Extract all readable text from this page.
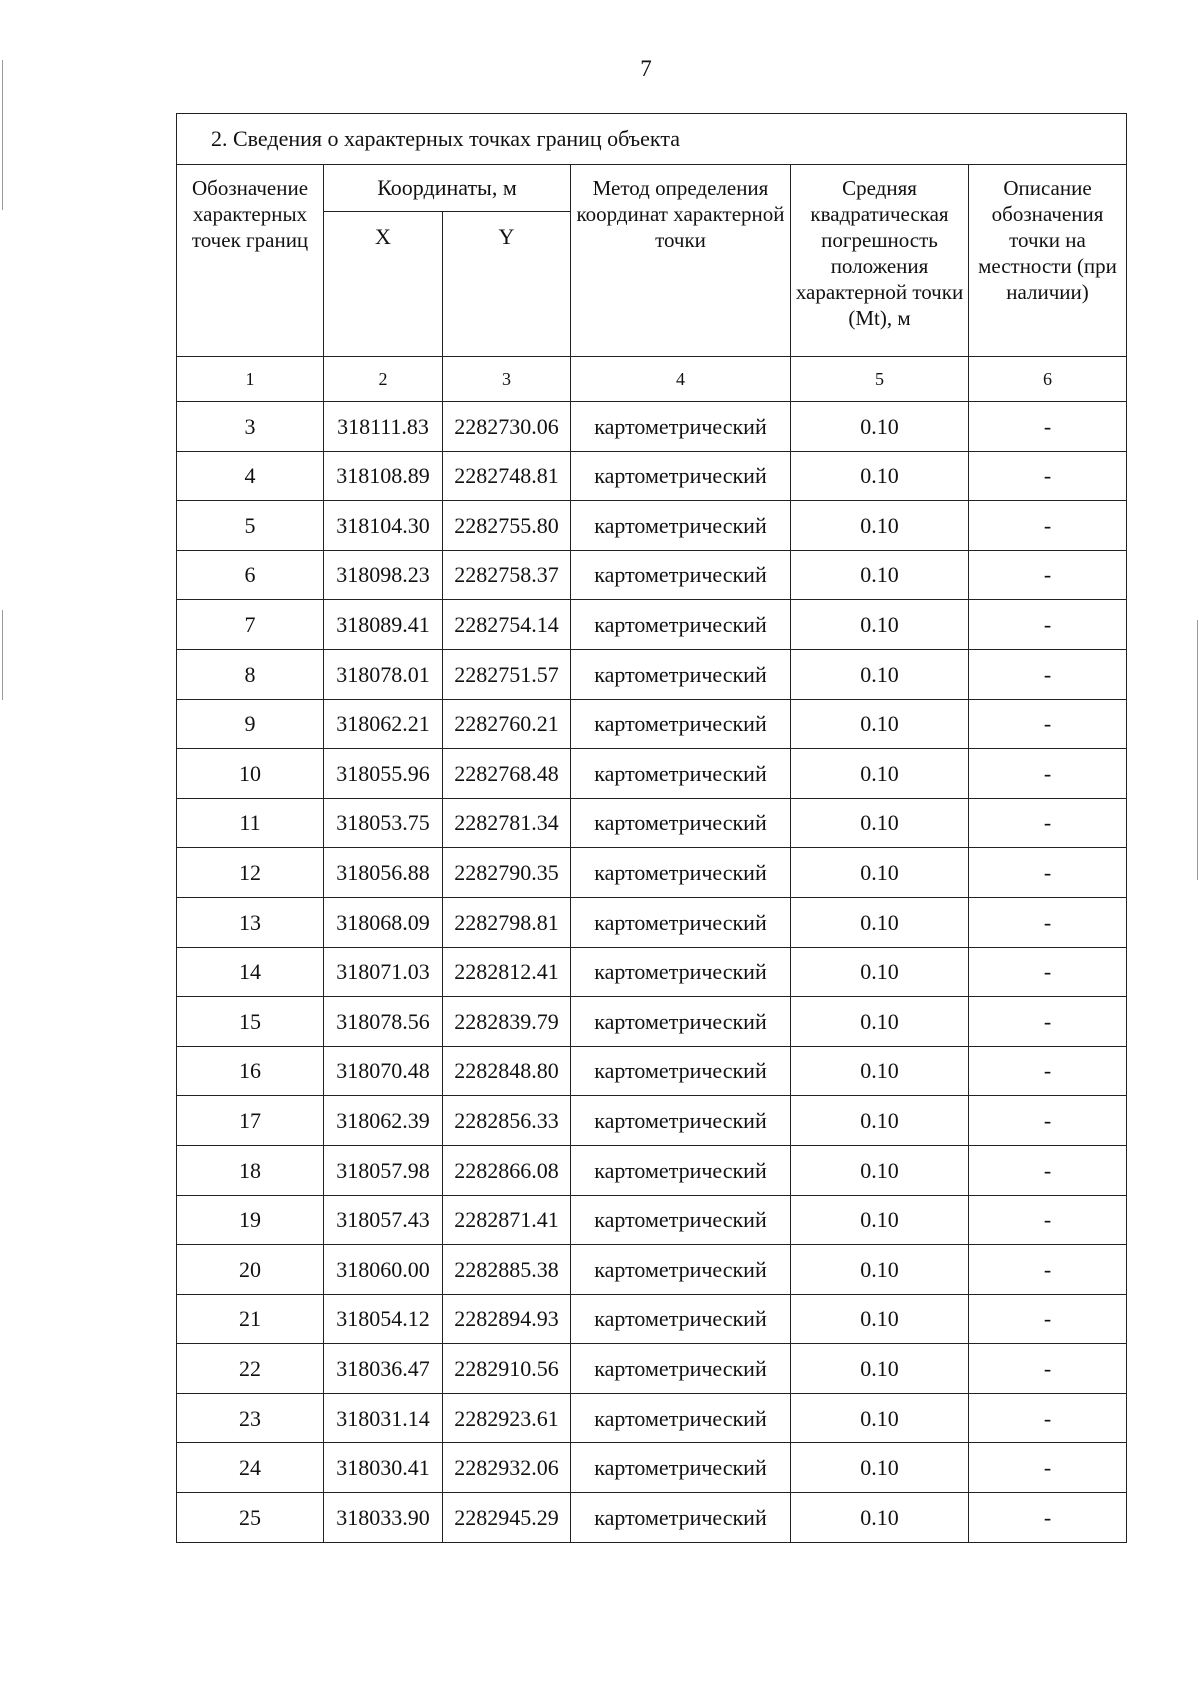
7
2. Сведения о характерных точках границ объекта					
Обозначение характерных точек границ	Координаты, м		Метод определения координат характерной точки	Средняя квадратическая погрешность положения характерной точки (Mt), м	Описание обозначения точки на местности (при наличии)
	X	Y			
1	2	3	4	5	6
3	318111.83	2282730.06	картометрический	0.10	-
4	318108.89	2282748.81	картометрический	0.10	-
5	318104.30	2282755.80	картометрический	0.10	-
6	318098.23	2282758.37	картометрический	0.10	-
7	318089.41	2282754.14	картометрический	0.10	-
8	318078.01	2282751.57	картометрический	0.10	-
9	318062.21	2282760.21	картометрический	0.10	-
10	318055.96	2282768.48	картометрический	0.10	-
11	318053.75	2282781.34	картометрический	0.10	-
12	318056.88	2282790.35	картометрический	0.10	-
13	318068.09	2282798.81	картометрический	0.10	-
14	318071.03	2282812.41	картометрический	0.10	-
15	318078.56	2282839.79	картометрический	0.10	-
16	318070.48	2282848.80	картометрический	0.10	-
17	318062.39	2282856.33	картометрический	0.10	-
18	318057.98	2282866.08	картометрический	0.10	-
19	318057.43	2282871.41	картометрический	0.10	-
20	318060.00	2282885.38	картометрический	0.10	-
21	318054.12	2282894.93	картометрический	0.10	-
22	318036.47	2282910.56	картометрический	0.10	-
23	318031.14	2282923.61	картометрический	0.10	-
24	318030.41	2282932.06	картометрический	0.10	-
25	318033.90	2282945.29	картометрический	0.10	-
